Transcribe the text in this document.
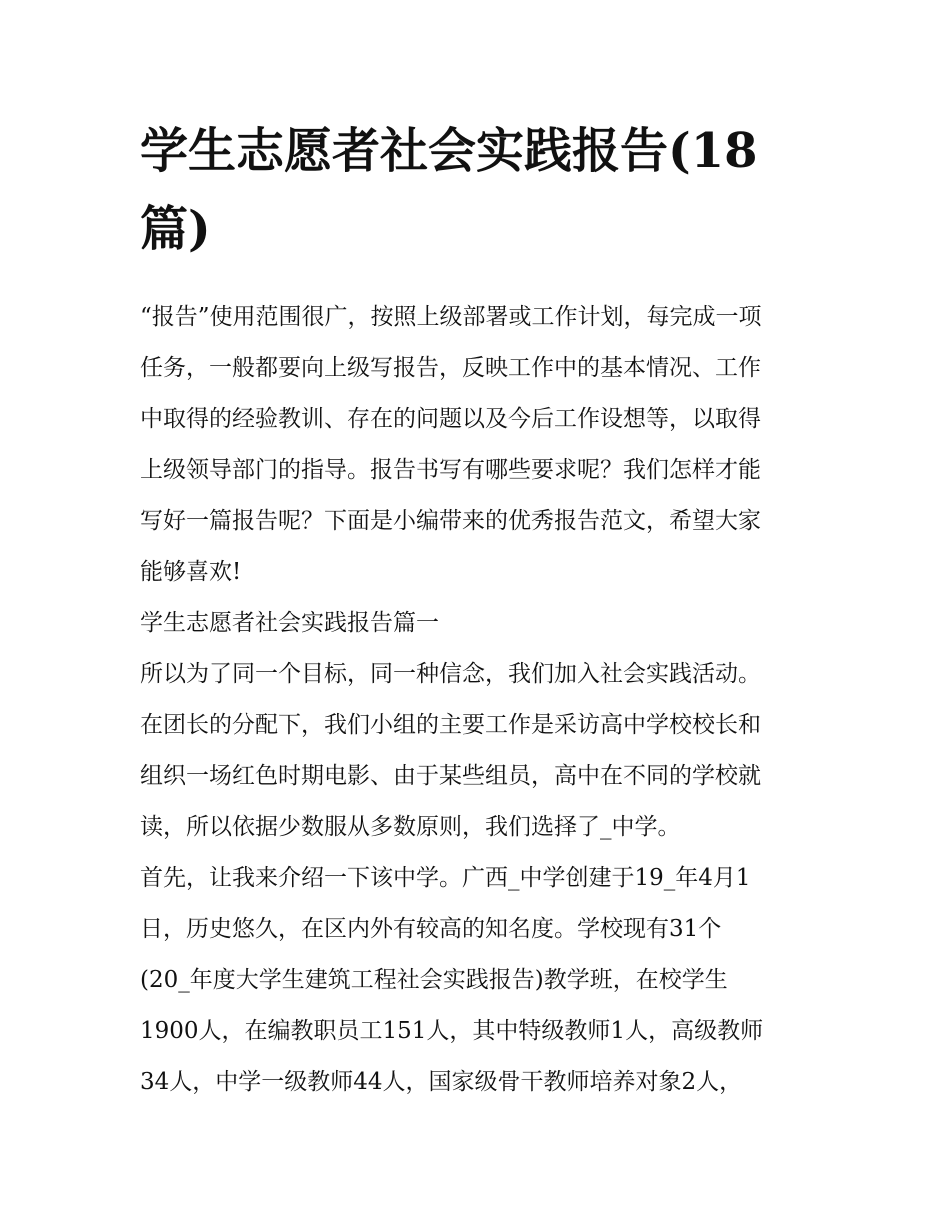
学生志愿者社会实践报告(18
篇)

“报告”使用范围很广，按照上级部署或工作计划，每完成一项
任务，一般都要向上级写报告，反映工作中的基本情况、工作
中取得的经验教训、存在的问题以及今后工作设想等，以取得
上级领导部门的指导。报告书写有哪些要求呢？我们怎样才能
写好一篇报告呢？下面是小编带来的优秀报告范文，希望大家
能够喜欢!

学生志愿者社会实践报告篇一

所以为了同一个目标，同一种信念，我们加入社会实践活动。
在团长的分配下，我们小组的主要工作是采访高中学校校长和
组织一场红色时期电影、由于某些组员，高中在不同的学校就
读，所以依据少数服从多数原则，我们选择了_中学。

首先，让我来介绍一下该中学。广西_中学创建于19_年4月1
日，历史悠久，在区内外有较高的知名度。学校现有31个
(20_年度大学生建筑工程社会实践报告)教学班，在校学生
1900人，在编教职员工151人，其中特级教师1人，高级教师
34人，中学一级教师44人，国家级骨干教师培养对象2人，
